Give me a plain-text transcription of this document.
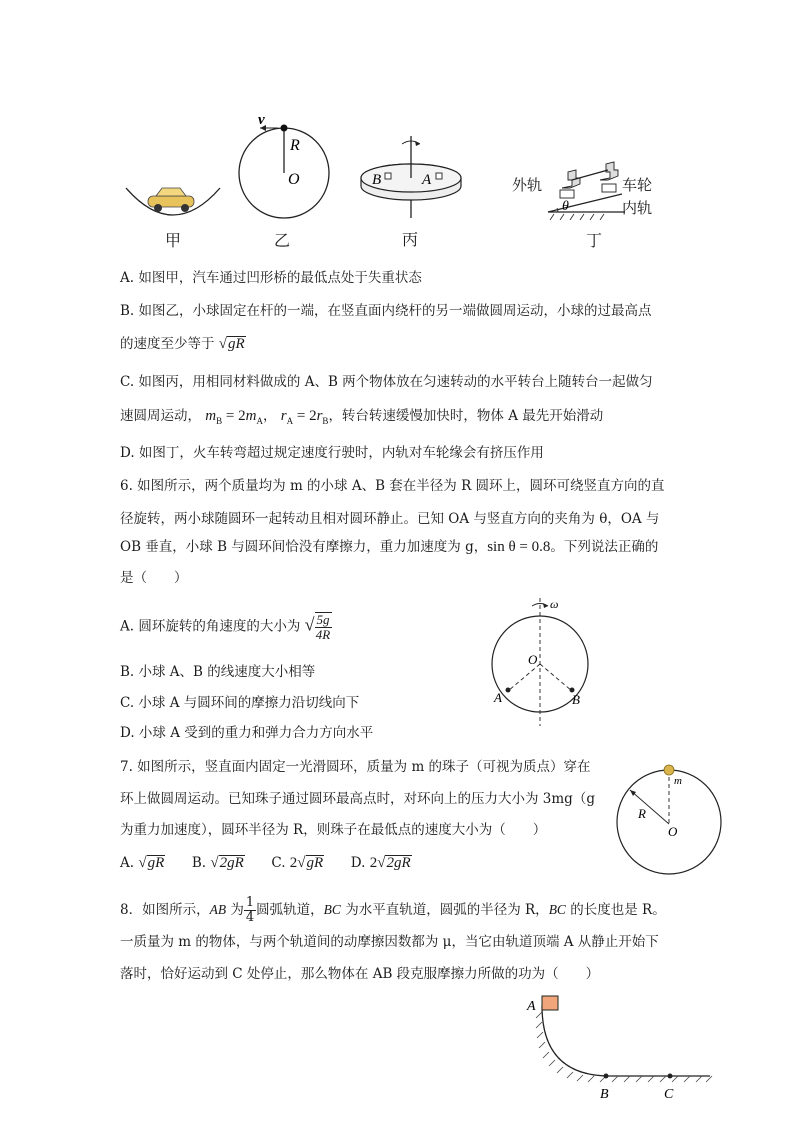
甲
v
R
O
乙
B	A
丙
θ
外轨	车轮
内轨
丁
A. 如图甲，汽车通过凹形桥的最低点处于失重状态
B. 如图乙，小球固定在杆的一端，在竖直面内绕杆的另一端做圆周运动，小球的过最高点
的速度至少等于 √gR
C. 如图丙，用相同材料做成的 A、B 两个物体放在匀速转动的水平转台上随转台一起做匀
速圆周运动， $m_B = 2m_A$， $r_A = 2r_B$，转台转速缓慢加快时，物体 A 最先开始滑动
D. 如图丁，火车转弯超过规定速度行驶时，内轨对车轮缘会有挤压作用
6. 如图所示，两个质量均为 m 的小球 A、B 套在半径为 R 圆环上，圆环可绕竖直方向的直
径旋转，两小球随圆环一起转动且相对圆环静止。已知 OA 与竖直方向的夹角为 θ，OA 与
OB 垂直，小球 B 与圆环间恰没有摩擦力，重力加速度为 g，sin θ = 0.8。下列说法正确的
是（　　）
A. 圆环旋转的角速度的大小为 √ $\frac{5g}{4R}$
B. 小球 A、B 的线速度大小相等
C. 小球 A 与圆环间的摩擦力沿切线向下
D. 小球 A 受到的重力和弹力合力方向水平
ω
O
A	B
7. 如图所示，竖直面内固定一光滑圆环，质量为 m 的珠子（可视为质点）穿在
环上做圆周运动。已知珠子通过圆环最高点时，对环向上的压力大小为 3mg（g
为重力加速度），圆环半径为 R，则珠子在最低点的速度大小为（　　）
A. √gR B. √2gR C. 2√gR D. 2√2gR
m
R
O
8．如图所示，AB 为 $\frac{1}{4}$ 圆弧轨道，BC 为水平直轨道，圆弧的半径为 R，BC 的长度也是 R。
一质量为 m 的物体，与两个轨道间的动摩擦因数都为 μ，当它由轨道顶端 A 从静止开始下
落时，恰好运动到 C 处停止，那么物体在 AB 段克服摩擦力所做的功为（　　）
A
B	C
